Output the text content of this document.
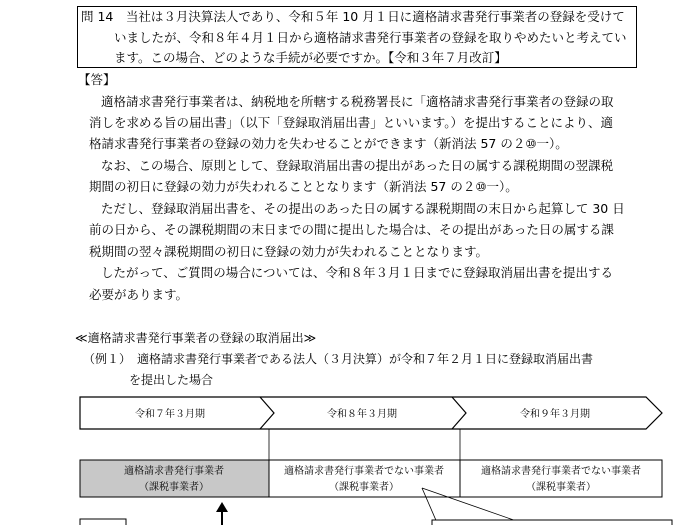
問 14　当社は３月決算法人であり、令和５年 10 月１日に適格請求書発行事業者の登録を受けて
いましたが、令和８年４月１日から適格請求書発行事業者の登録を取りやめたいと考えてい
ます。この場合、どのような手続が必要ですか。【令和３年７月改訂】
【答】
適格請求書発行事業者は、納税地を所轄する税務署長に「適格請求書発行事業者の登録の取
消しを求める旨の届出書」（以下「登録取消届出書」といいます。）を提出することにより、適
格請求書発行事業者の登録の効力を失わせることができます（新消法 57 の２⑩一）。
なお、この場合、原則として、登録取消届出書の提出があった日の属する課税期間の翌課税
期間の初日に登録の効力が失われることとなります（新消法 57 の２⑩一）。
ただし、登録取消届出書を、その提出のあった日の属する課税期間の末日から起算して 30 日
前の日から、その課税期間の末日までの間に提出した場合は、その提出があった日の属する課
税期間の翌々課税期間の初日に登録の効力が失われることとなります。
したがって、ご質問の場合については、令和８年３月１日までに登録取消届出書を提出する
必要があります。
≪適格請求書発行事業者の登録の取消届出≫
（例１）　適格請求書発行事業者である法人（３月決算）が令和７年２月１日に登録取消届出書
を提出した場合
令和７年３月期	令和８年３月期	令和９年３月期
適格請求書発行事業者
（課税事業者）
適格請求書発行事業者でない事業者
（課税事業者）
適格請求書発行事業者でない事業者
（課税事業者）
